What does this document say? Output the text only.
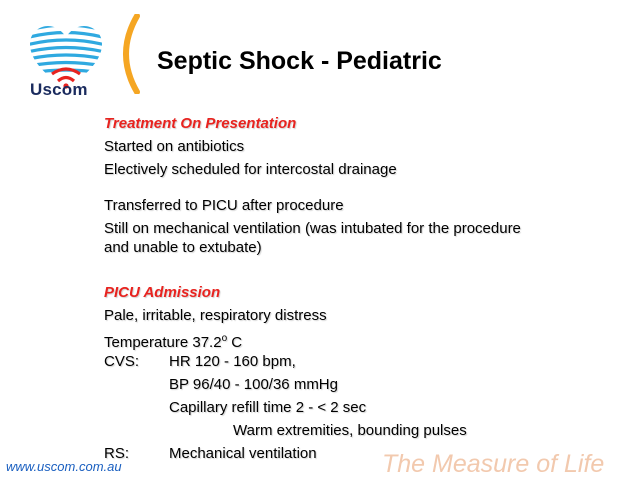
Uscom
Septic Shock - Pediatric
Treatment On Presentation
Started on antibiotics
Electively scheduled for intercostal drainage
Transferred to PICU after procedure
Still on mechanical ventilation (was intubated for the procedure
and unable to extubate)
PICU Admission
Pale, irritable, respiratory distress
Temperature 37.2$^o$ C
CVS: HR 120 - 160 bpm,
BP 96/40 - 100/36 mmHg
Capillary refill time 2 - < 2 sec
Warm extremities, bounding pulses
RS:	Mechanical ventilation
www.uscom.com.au	The Measure of Life
